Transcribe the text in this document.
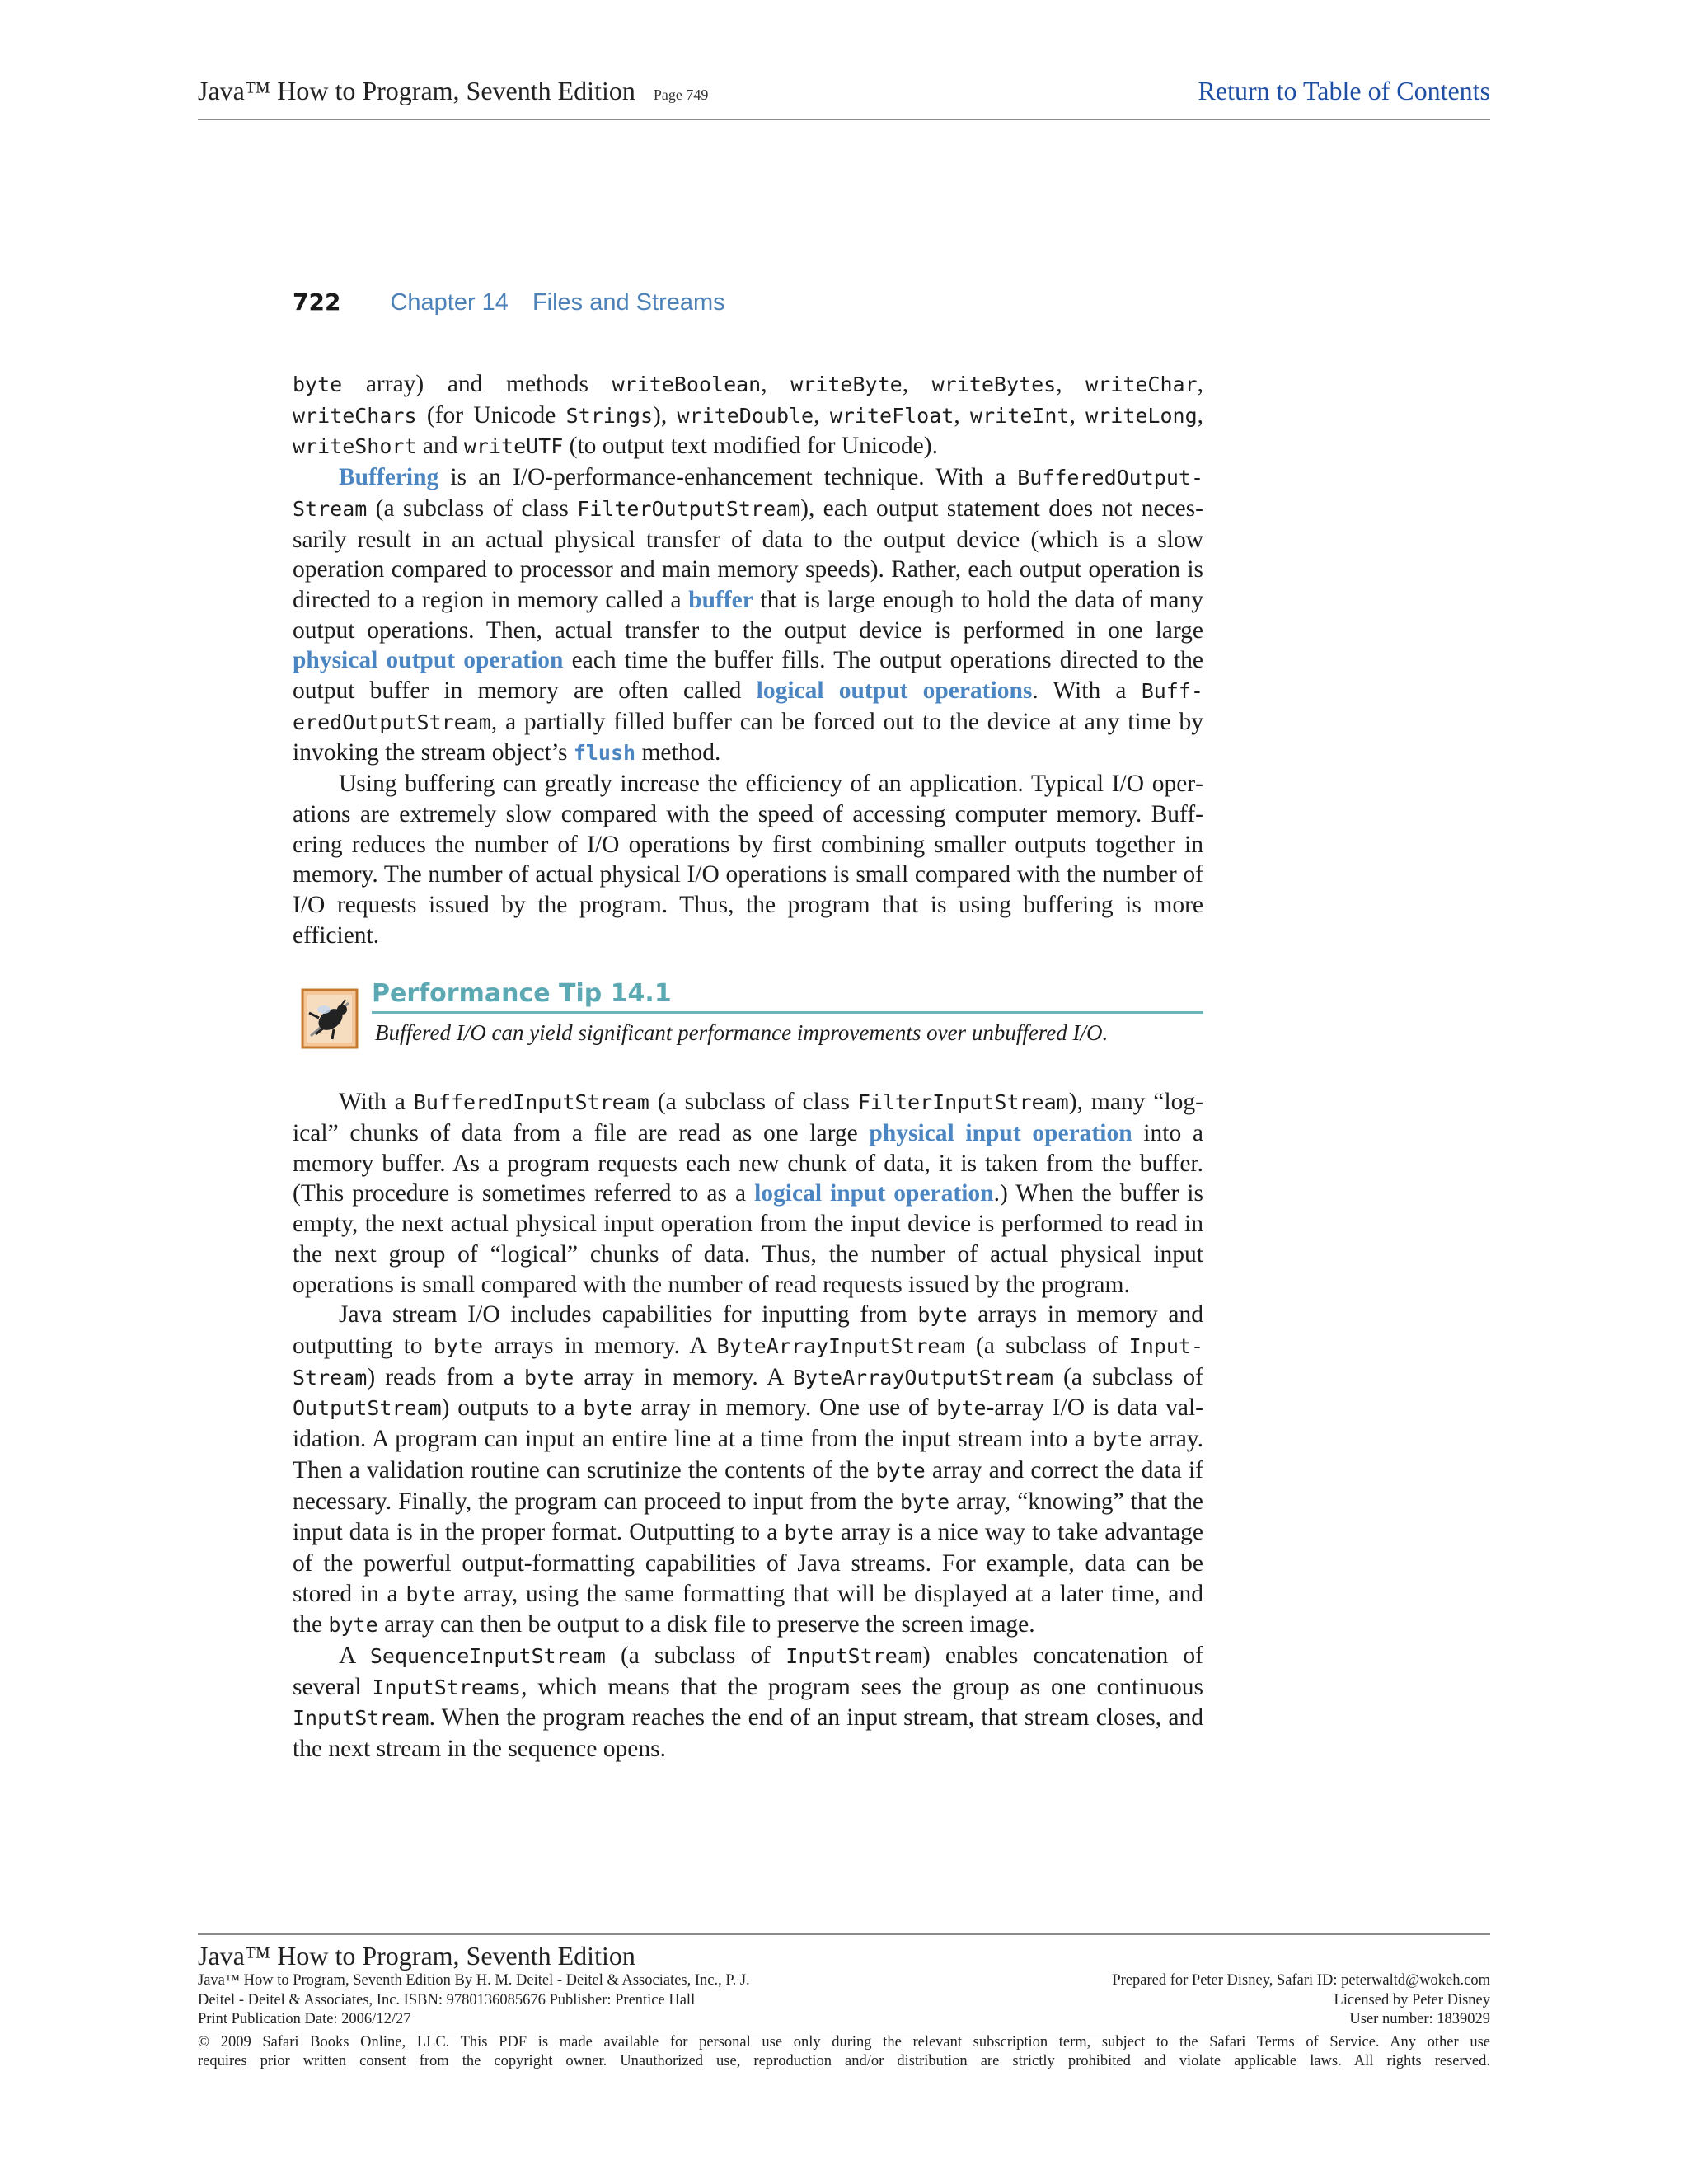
Java™ How to Program, Seventh Edition Page 749	Return to Table of Contents
722 Chapter 14 Files and Streams

byte array) and methods writeBoolean, writeByte, writeBytes, writeChar, writeChars (for Unicode Strings), writeDouble, writeFloat, writeInt, writeLong, writeShort and writeUTF (to output text modified for Unicode).

Buffering is an I/O-performance-enhancement technique. With a BufferedOutputStream (a subclass of class FilterOutputStream), each output statement does not necessarily result in an actual physical transfer of data to the output device (which is a slow operation compared to processor and main memory speeds). Rather, each output operation is directed to a region in memory called a buffer that is large enough to hold the data of many output operations. Then, actual transfer to the output device is performed in one large physical output operation each time the buffer fills. The output operations directed to the output buffer in memory are often called logical output operations. With a BufferedOutputStream, a partially filled buffer can be forced out to the device at any time by invoking the stream object’s flush method.

Using buffering can greatly increase the efficiency of an application. Typical I/O operations are extremely slow compared with the speed of accessing computer memory. Buffering reduces the number of I/O operations by first combining smaller outputs together in memory. The number of actual physical I/O operations is small compared with the number of I/O requests issued by the program. Thus, the program that is using buffering is more efficient.

Performance Tip 14.1
Buffered I/O can yield significant performance improvements over unbuffered I/O.

With a BufferedInputStream (a subclass of class FilterInputStream), many “logical” chunks of data from a file are read as one large physical input operation into a memory buffer. As a program requests each new chunk of data, it is taken from the buffer. (This procedure is sometimes referred to as a logical input operation.) When the buffer is empty, the next actual physical input operation from the input device is performed to read in the next group of “logical” chunks of data. Thus, the number of actual physical input operations is small compared with the number of read requests issued by the program.

Java stream I/O includes capabilities for inputting from byte arrays in memory and outputting to byte arrays in memory. A ByteArrayInputStream (a subclass of InputStream) reads from a byte array in memory. A ByteArrayOutputStream (a subclass of OutputStream) outputs to a byte array in memory. One use of byte-array I/O is data validation. A program can input an entire line at a time from the input stream into a byte array. Then a validation routine can scrutinize the contents of the byte array and correct the data if necessary. Finally, the program can proceed to input from the byte array, “knowing” that the input data is in the proper format. Outputting to a byte array is a nice way to take advantage of the powerful output-formatting capabilities of Java streams. For example, data can be stored in a byte array, using the same formatting that will be displayed at a later time, and the byte array can then be output to a disk file to preserve the screen image.

A SequenceInputStream (a subclass of InputStream) enables concatenation of several InputStreams, which means that the program sees the group as one continuous InputStream. When the program reaches the end of an input stream, that stream closes, and the next stream in the sequence opens.

Java™ How to Program, Seventh Edition
Java™ How to Program, Seventh Edition By H. M. Deitel - Deitel & Associates, Inc., P. J.	Prepared for Peter Disney, Safari ID: peterwaltd@wokeh.com
Deitel - Deitel & Associates, Inc. ISBN: 9780136085676 Publisher: Prentice Hall	Licensed by Peter Disney
Print Publication Date: 2006/12/27	User number: 1839029
© 2009 Safari Books Online, LLC. This PDF is made available for personal use only during the relevant subscription term, subject to the Safari Terms of Service. Any other use
requires prior written consent from the copyright owner. Unauthorized use, reproduction and/or distribution are strictly prohibited and violate applicable laws. All rights reserved.
